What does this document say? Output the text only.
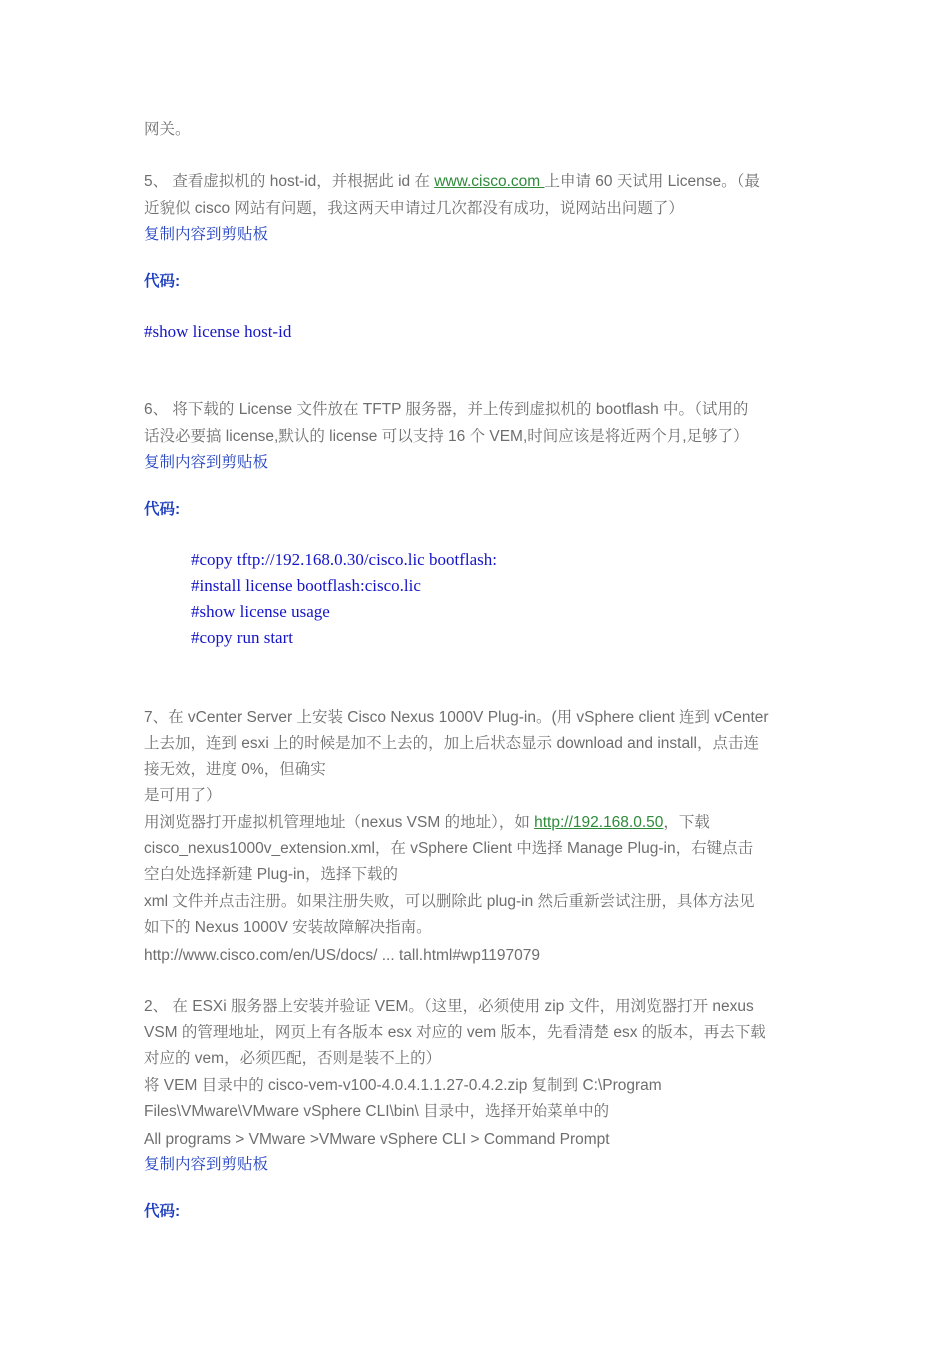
网关。
5、 查看虚拟机的 host-id，并根据此 id 在 www.cisco.com 上申请 60 天试用 License。（最
近貌似 cisco 网站有问题，我这两天申请过几次都没有成功，说网站出问题了）
复制内容到剪贴板
代码:
#show license host-id
6、 将下载的 License 文件放在 TFTP 服务器，并上传到虚拟机的 bootflash 中。（试用的
话没必要搞 license,默认的 license 可以支持 16 个 VEM,时间应该是将近两个月,足够了）
复制内容到剪贴板
代码:
#copy tftp://192.168.0.30/cisco.lic bootflash:
#install license bootflash:cisco.lic
#show license usage
#copy run start
7、在 vCenter Server 上安装 Cisco Nexus 1000V Plug-in。(用 vSphere client 连到 vCenter
上去加，连到 esxi 上的时候是加不上去的，加上后状态显示 download and install，点击连
接无效，进度 0%，但确实
是可用了）
用浏览器打开虚拟机管理地址（nexus VSM 的地址），如 http://192.168.0.50，下载
cisco_nexus1000v_extension.xml，在 vSphere Client 中选择 Manage Plug-in，右键点击
空白处选择新建 Plug-in，选择下载的
xml 文件并点击注册。如果注册失败，可以删除此 plug-in 然后重新尝试注册，具体方法见
如下的 Nexus 1000V 安装故障解决指南。
http://www.cisco.com/en/US/docs/ ... tall.html#wp1197079
2、 在 ESXi 服务器上安装并验证 VEM。（这里，必须使用 zip 文件，用浏览器打开 nexus
VSM 的管理地址，网页上有各版本 esx 对应的 vem 版本，先看清楚 esx 的版本，再去下载
对应的 vem，必须匹配，否则是装不上的）
将 VEM 目录中的 cisco-vem-v100-4.0.4.1.1.27-0.4.2.zip 复制到 C:\Program
Files\VMware\VMware vSphere CLI\bin\ 目录中，选择开始菜单中的
All programs > VMware >VMware vSphere CLI > Command Prompt
复制内容到剪贴板
代码:
